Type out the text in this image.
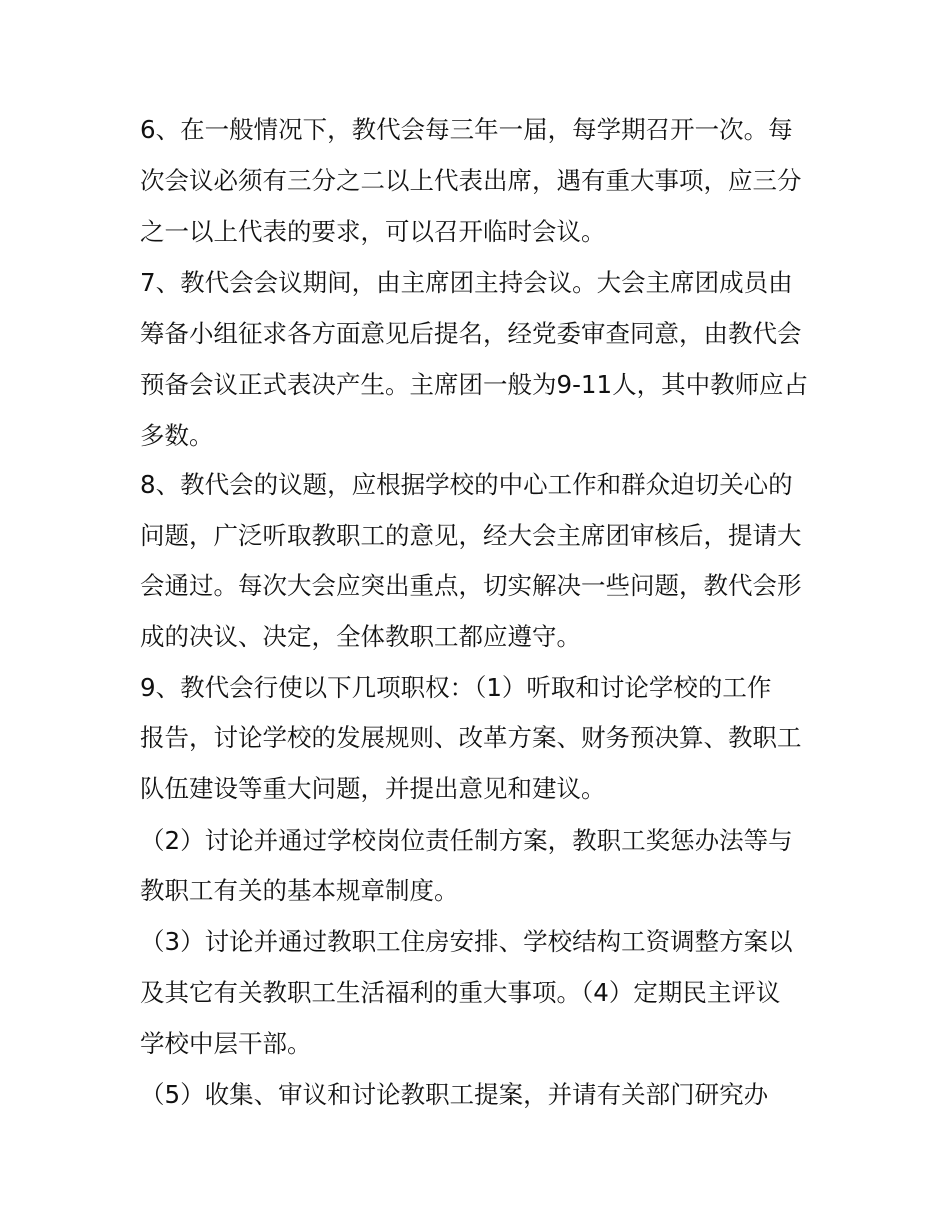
6、在一般情况下，教代会每三年一届，每学期召开一次。每

次会议必须有三分之二以上代表出席，遇有重大事项，应三分

之一以上代表的要求，可以召开临时会议。

7、教代会会议期间，由主席团主持会议。大会主席团成员由

筹备小组征求各方面意见后提名，经党委审查同意，由教代会

预备会议正式表决产生。主席团一般为9-11人，其中教师应占

多数。

8、教代会的议题，应根据学校的中心工作和群众迫切关心的

问题，广泛听取教职工的意见，经大会主席团审核后，提请大

会通过。每次大会应突出重点，切实解决一些问题，教代会形

成的决议、决定，全体教职工都应遵守。

9、教代会行使以下几项职权：（1）听取和讨论学校的工作

报告，讨论学校的发展规则、改革方案、财务预决算、教职工

队伍建设等重大问题，并提出意见和建议。

（2）讨论并通过学校岗位责任制方案，教职工奖惩办法等与

教职工有关的基本规章制度。

（3）讨论并通过教职工住房安排、学校结构工资调整方案以

及其它有关教职工生活福利的重大事项。（4）定期民主评议

学校中层干部。

（5）收集、审议和讨论教职工提案，并请有关部门研究办
